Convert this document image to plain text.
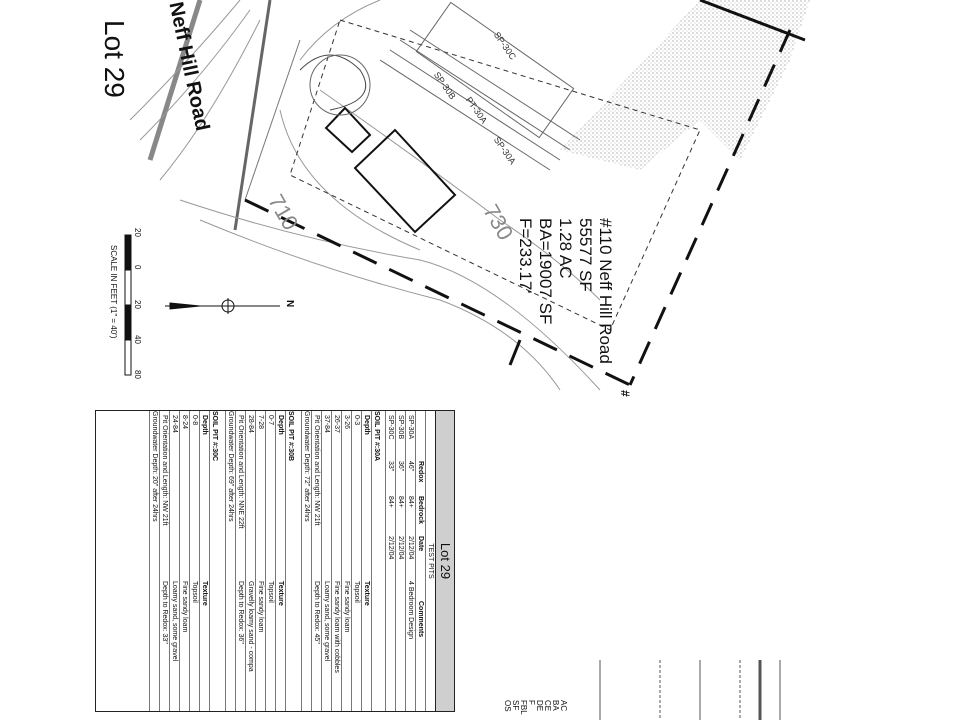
Lot 29 Neff Hill Road
#110 Neff Hill Road
55577 SF
1.28 AC
BA=19007 SF
F=233.17'
710	730
SP-30C
SP-30B
SP-30A
PT-30A
N
SCALE IN FEET (1" = 40')
20
0
20
40
80
#
Lot 29
TEST PITS
Redox
Bedrock
Date
Comments
SP-30A
46"
84+
2/12/04
4 Bedroom Design
SP-30B
36"
84+
2/12/04
SP-30C
33"
84+
2/12/04
SOIL PIT #:30A
Depth
Texture
0-3
Topsoil
3-26
Fine sandy loam
26-37
Fine sandy loam with cobbles
37-84
Loamy sand, some gravel
Pit Orientation and Length: NW 21ft
Depth to Redox: 45"
Groundwater Depth: 72" after 24hrs
SOIL PIT #:30B
Depth
Texture
0-7
Topsoil
7-28
Fine sandy loam
28-84
Gravelly loamy sand - compa
Pit Orientation and Length: NNE 22ft
Depth to Redox: 36"
Groundwater Depth: 69" after 24hrs
SOIL PIT #:30C
Depth
Texture
0-8
Topsoil
8-24
Fine sandy loam
24-84
Loamy sand, some gravel
Pit Orientation and Length: NW 21ft
Depth to Redox: 33"
Groundwater Depth: 20" after 24hrs
AC
BA
CE
DE
F
FBL
SF
OS
